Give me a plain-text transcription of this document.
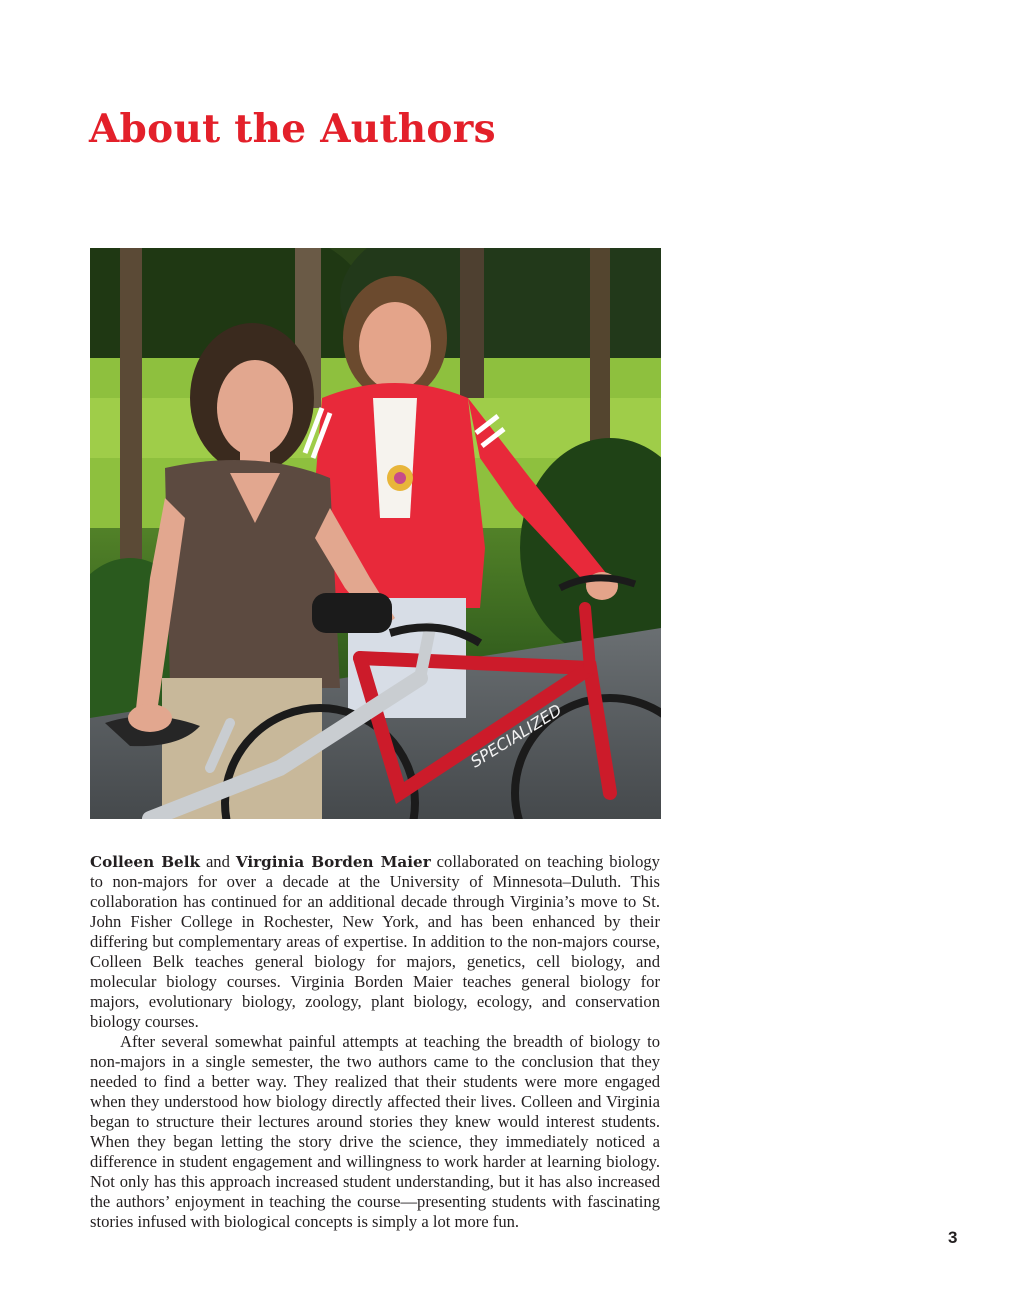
About the Authors
SPECIALIZED

Colleen Belk and Virginia Borden Maier collaborated on teaching biology to non-majors for over a decade at the University of Minnesota–Duluth. This collaboration has continued for an additional decade through Virginia’s move to St. John Fisher College in Rochester, New York, and has been enhanced by their differing but complementary areas of expertise. In addition to the non-majors course, Colleen Belk teaches general biology for majors, genetics, cell biology, and molecular biology courses. Virginia Borden Maier teaches general biology for majors, evolutionary biology, zoology, plant biology, ecology, and conservation biology courses.

After several somewhat painful attempts at teaching the breadth of biology to non-majors in a single semester, the two authors came to the conclusion that they needed to find a better way. They realized that their students were more engaged when they understood how biology directly affected their lives. Colleen and Virginia began to structure their lectures around stories they knew would interest students. When they began letting the story drive the science, they immediately noticed a difference in student engagement and willingness to work harder at learning biology. Not only has this approach increased student understanding, but it has also increased the authors’ enjoyment in teaching the course—presenting students with fascinating stories infused with biological concepts is simply a lot more fun.

3
